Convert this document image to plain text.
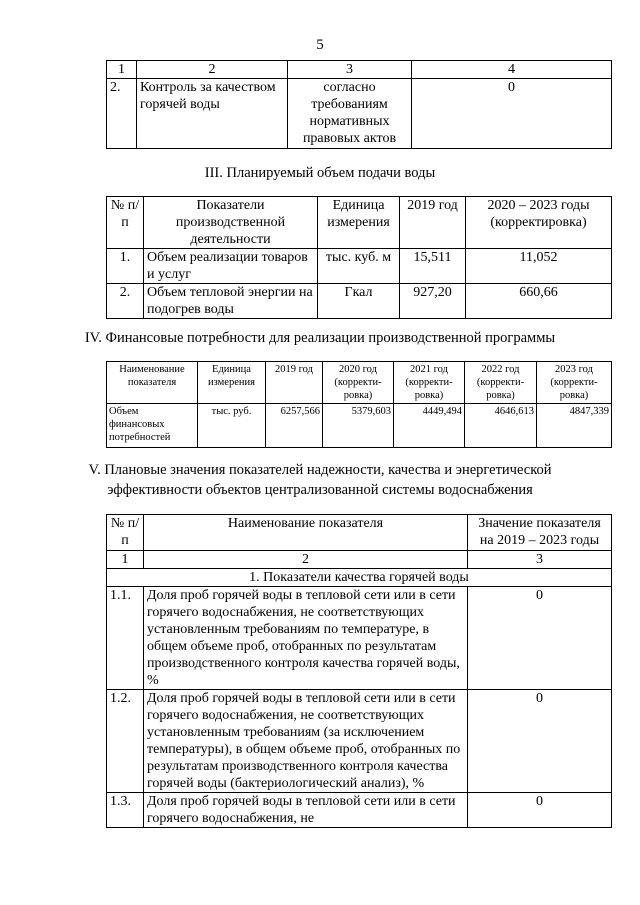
5
1	2	3	4
2.	Контроль за качеством горячей воды	согласно требованиям нормативных правовых актов	0
III. Планируемый объем подачи воды
№ п/п	Показатели производственной деятельности	Единица измерения	2019 год	2020 – 2023 годы (корректировка)
1.	Объем реализации товаров и услуг	тыс. куб. м	15,511	11,052
2.	Объем тепловой энергии на подогрев воды	Гкал	927,20	660,66
IV. Финансовые потребности для реализации производственной программы
Наименование показателя	Единица измерения	2019 год	2020 год (корректи-ровка)	2021 год (корректи-ровка)	2022 год (корректи-ровка)	2023 год (корректи-ровка)
Объем финансовых потребностей	тыс. руб.	6257,566	5379,603	4449,494	4646,613	4847,339
V. Плановые значения показателей надежности, качества и энергетической
эффективности объектов централизованной системы водоснабжения
№ п/п	Наименование показателя	Значение показателя на 2019 – 2023 годы
1	2	3
1. Показатели качества горячей воды		
1.1.	Доля проб горячей воды в тепловой сети или в сети горячего водоснабжения, не соответствующих установленным требованиям по температуре, в общем объеме проб, отобранных по результатам производственного контроля качества горячей воды, %	0
1.2.	Доля проб горячей воды в тепловой сети или в сети горячего водоснабжения, не соответствующих установленным требованиям (за исключением температуры), в общем объеме проб, отобранных по результатам производственного контроля качества горячей воды (бактериологический анализ), %	0
1.3.	Доля проб горячей воды в тепловой сети или в сети горячего водоснабжения, не	0
